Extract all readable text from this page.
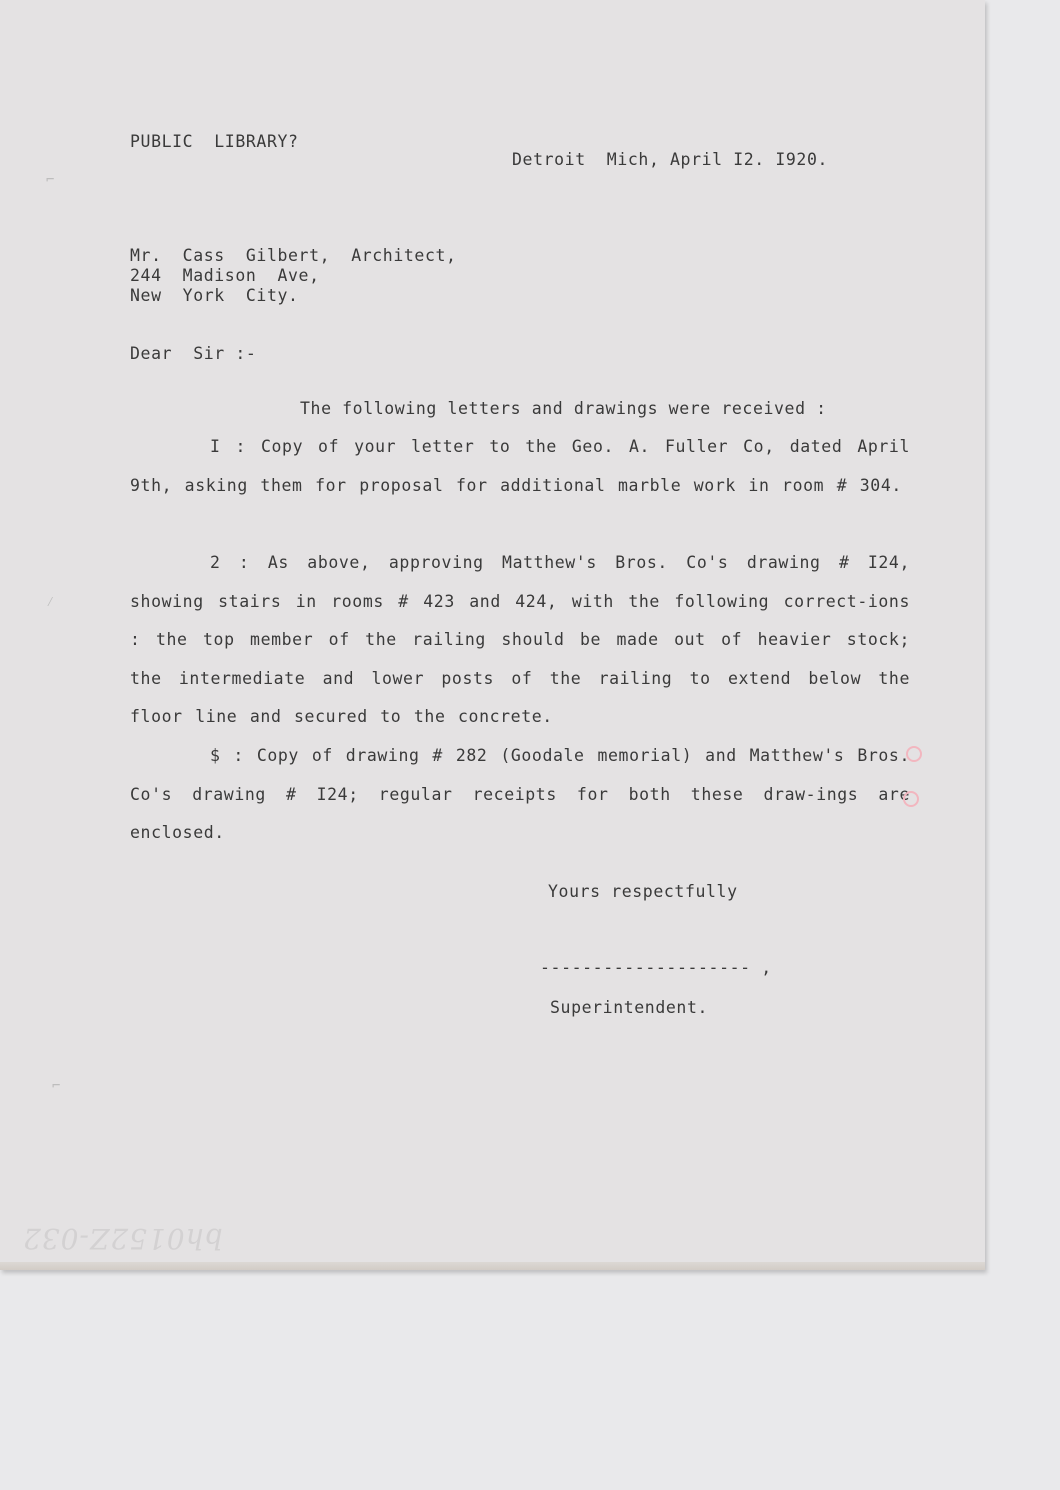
PUBLIC  LIBRARY?
Detroit  Mich, April I2. I920.
Mr.  Cass  Gilbert,  Architect,
244  Madison  Ave,
New  York  City.
Dear  Sir :-
The following letters and drawings were received :
I : Copy of your letter to the Geo. A. Fuller Co, dated April 9th, asking them for proposal for additional marble work in room # 304.
2 : As above, approving Matthew's Bros. Co's drawing # I24, showing stairs in rooms # 423 and 424, with the following correct-ions : the top member of the railing should be made out of heavier stock; the intermediate and lower posts of the railing to extend below the floor line and secured to the concrete.
$ : Copy of drawing # 282 (Goodale memorial) and Matthew's Bros. Co's drawing # I24; regular receipts for both these draw-ings are enclosed.
Yours respectfully
-------------------- ,
Superintendent.
⌐
⁄
⌐
bh0152Z-032
